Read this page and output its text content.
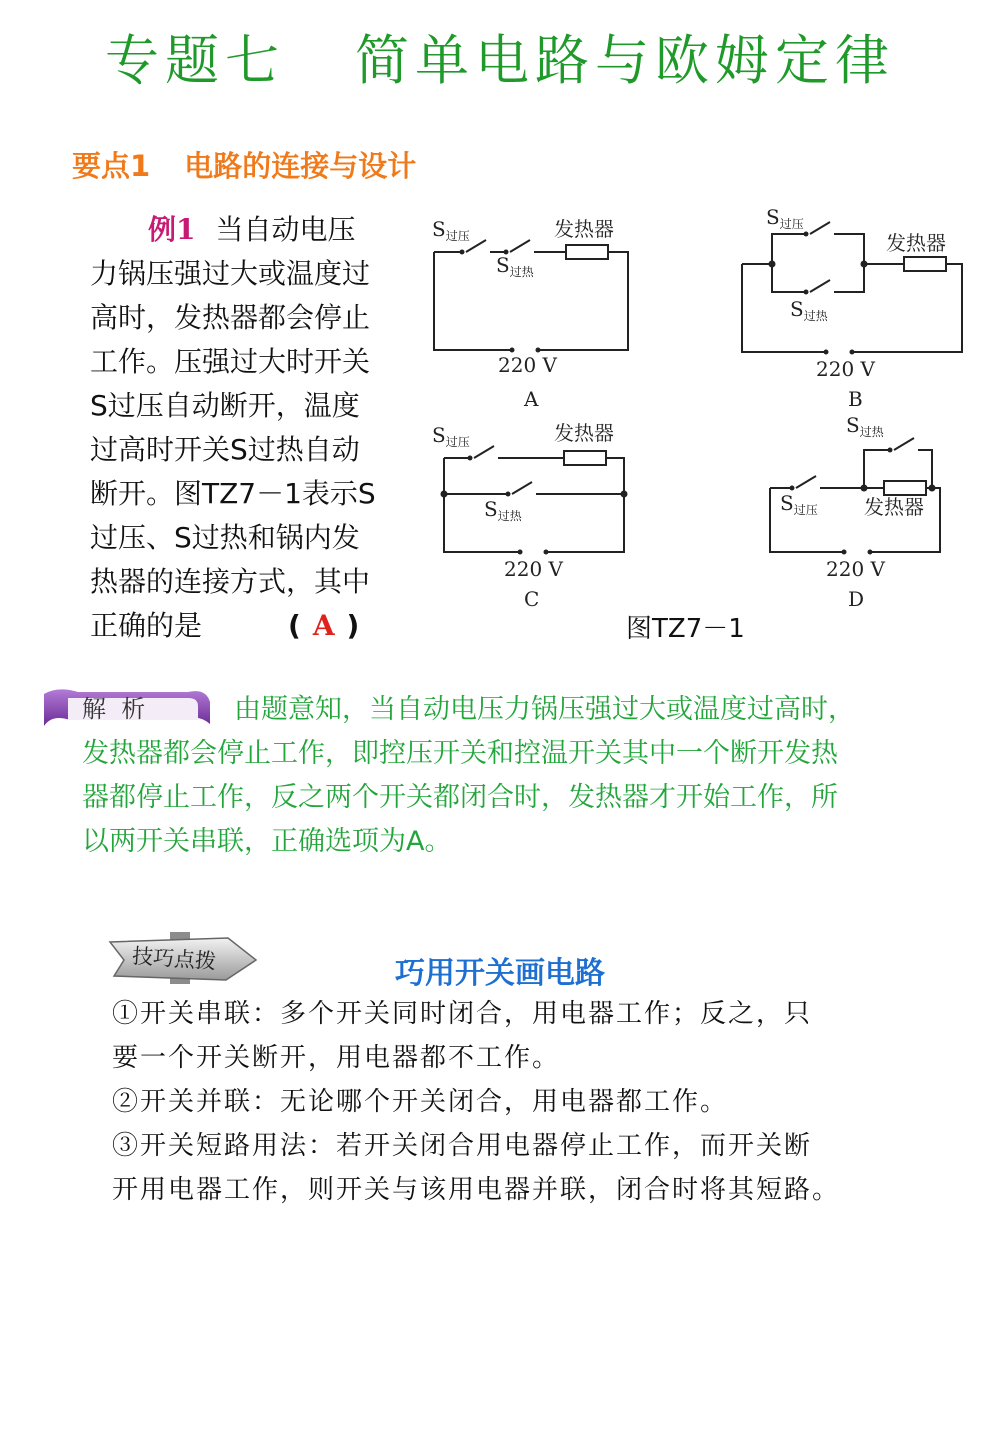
专题七 简单电路与欧姆定律
要点1 电路的连接与设计
例1 当自动电压
力锅压强过大或温度过
高时，发热器都会停止
工作。压强过大时开关
S过压自动断开，温度
过高时开关S过热自动
断开。图TZ7－1表示S
过压、S过热和锅内发
热器的连接方式，其中
正确的是	( A )
$S_{过压}$
$S_{过热}$
发热器
220 V
A
$S_{过压}$
$S_{过热}$
发热器
220 V
B
$S_{过压}$
$S_{过热}$
发热器
220 V
C
$S_{过热}$
$S_{过压}$ 发热器
220 V
D
图TZ7－1
解  析	由题意知，当自动电压力锅压强过大或温度过高时，
发热器都会停止工作，即控压开关和控温开关其中一个断开发热
器都停止工作，反之两个开关都闭合时，发热器才开始工作，所
以两开关串联，正确选项为A。
技巧点拨	巧用开关画电路
①开关串联：多个开关同时闭合，用电器工作；反之，只
要一个开关断开，用电器都不工作。
②开关并联：无论哪个开关闭合，用电器都工作。
③开关短路用法：若开关闭合用电器停止工作，而开关断
开用电器工作，则开关与该用电器并联，闭合时将其短路。
